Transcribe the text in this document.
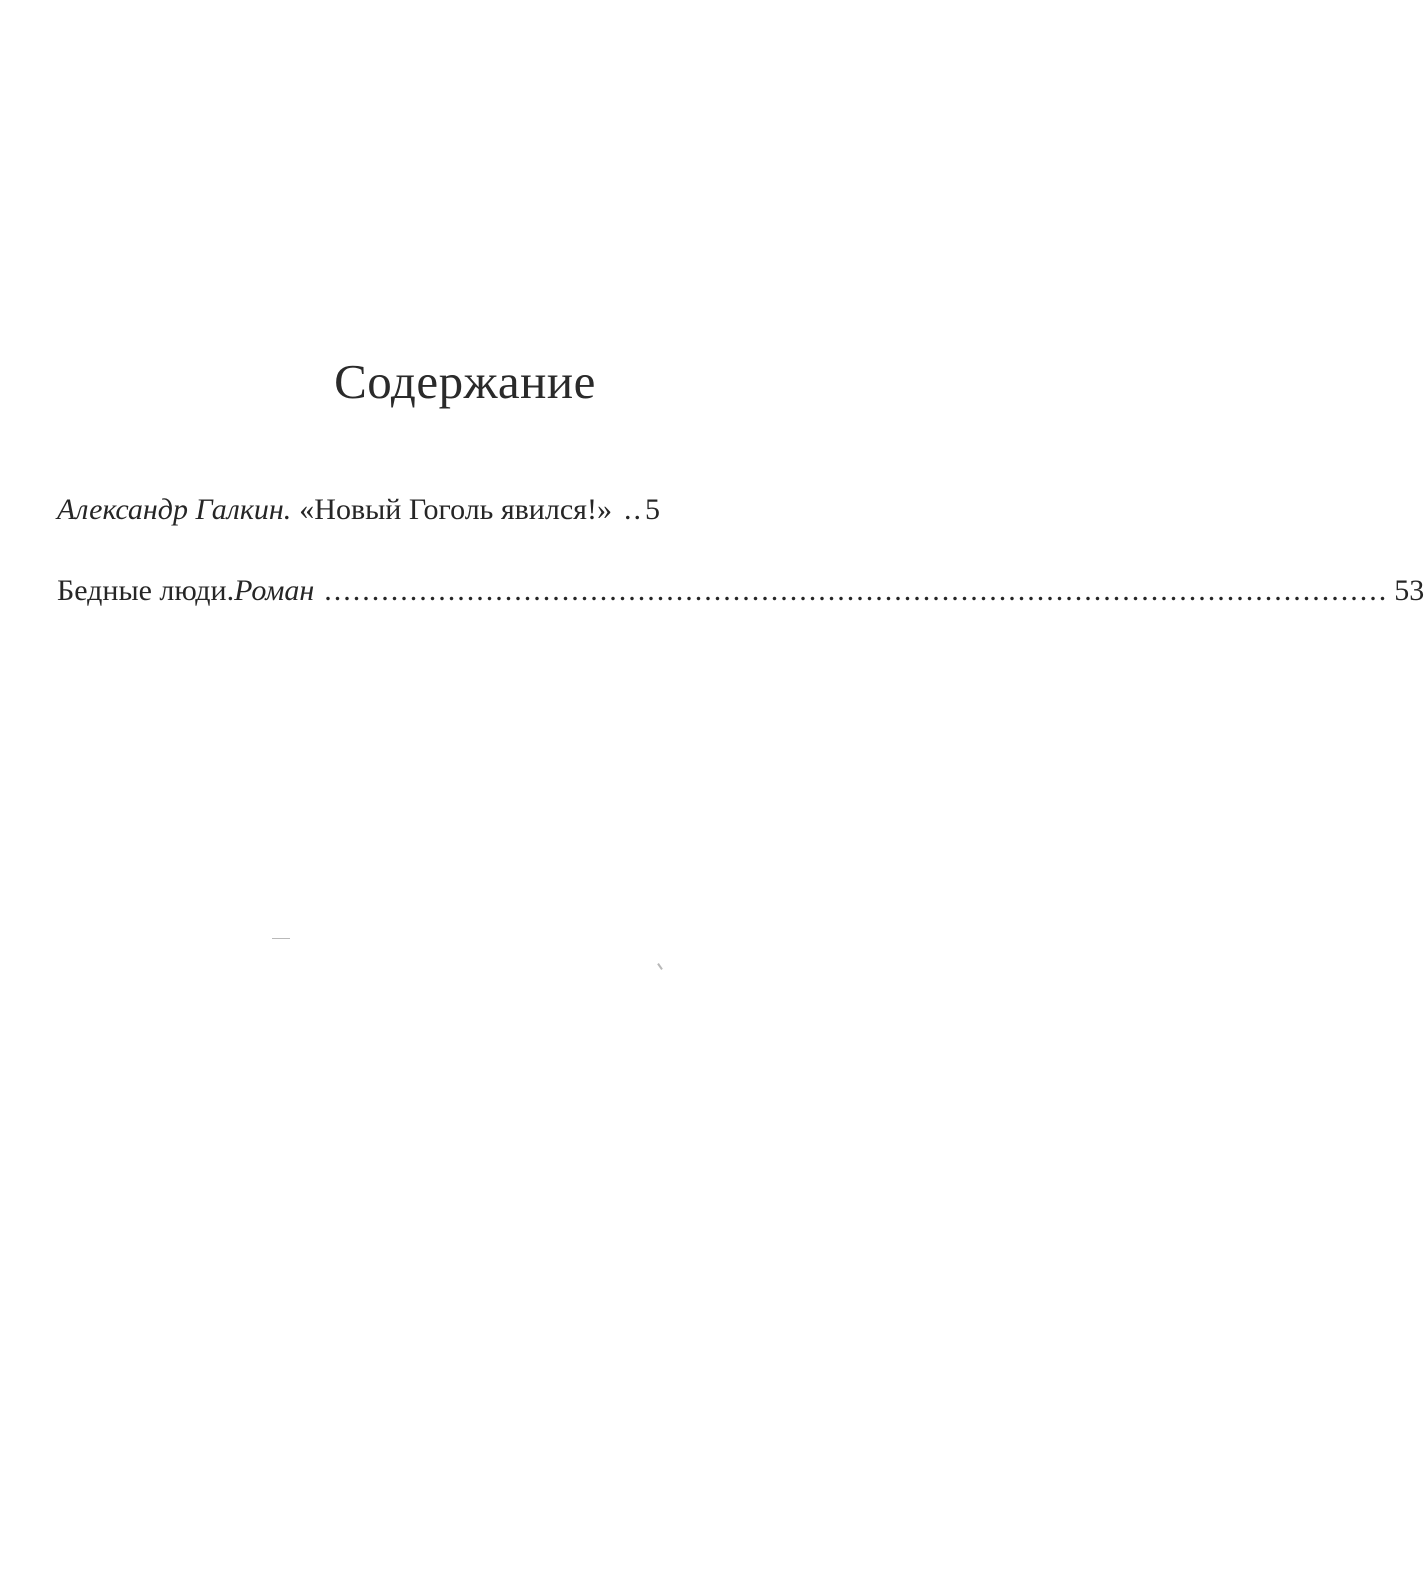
Содержание
Александр Галкин. «Новый Гоголь явился!» .. 5
Бедные люди. Роман ................................................................................................................ 53
